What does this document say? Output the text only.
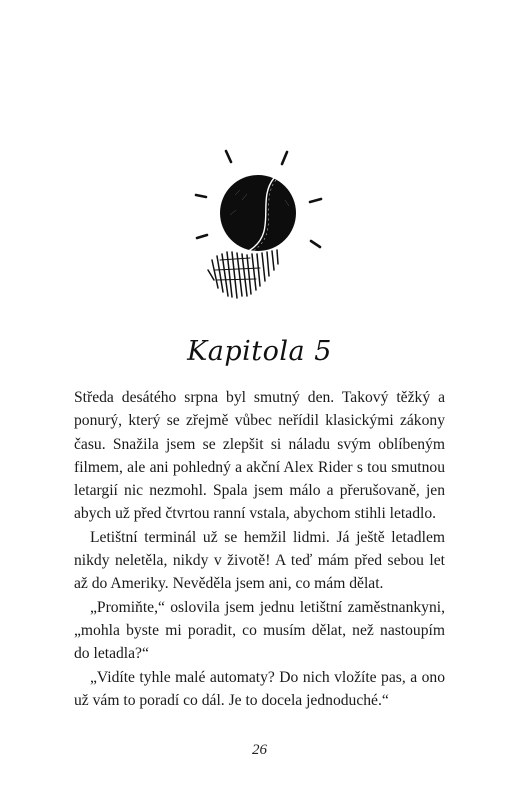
Kapitola 5

Středa desátého srpna byl smutný den. Takový těžký a ponurý, který se zřejmě vůbec neřídil klasickými zákony času. Snažila jsem se zlepšit si náladu svým oblíbeným filmem, ale ani pohledný a akční Alex Rider s tou smutnou letargií nic nezmohl. Spala jsem málo a přerušovaně, jen abych už před čtvrtou ranní vstala, abychom stihli letadlo.

Letištní terminál už se hemžil lidmi. Já ještě letadlem nikdy neletěla, nikdy v životě! A teď mám před sebou let až do Ameriky. Nevěděla jsem ani, co mám dělat.

„Promiňte,“ oslovila jsem jednu letištní zaměstnankyni, „mohla byste mi poradit, co musím dělat, než nastoupím do letadla?“

„Vidíte tyhle malé automaty? Do nich vložíte pas, a ono už vám to poradí co dál. Je to docela jednoduché.“

26
